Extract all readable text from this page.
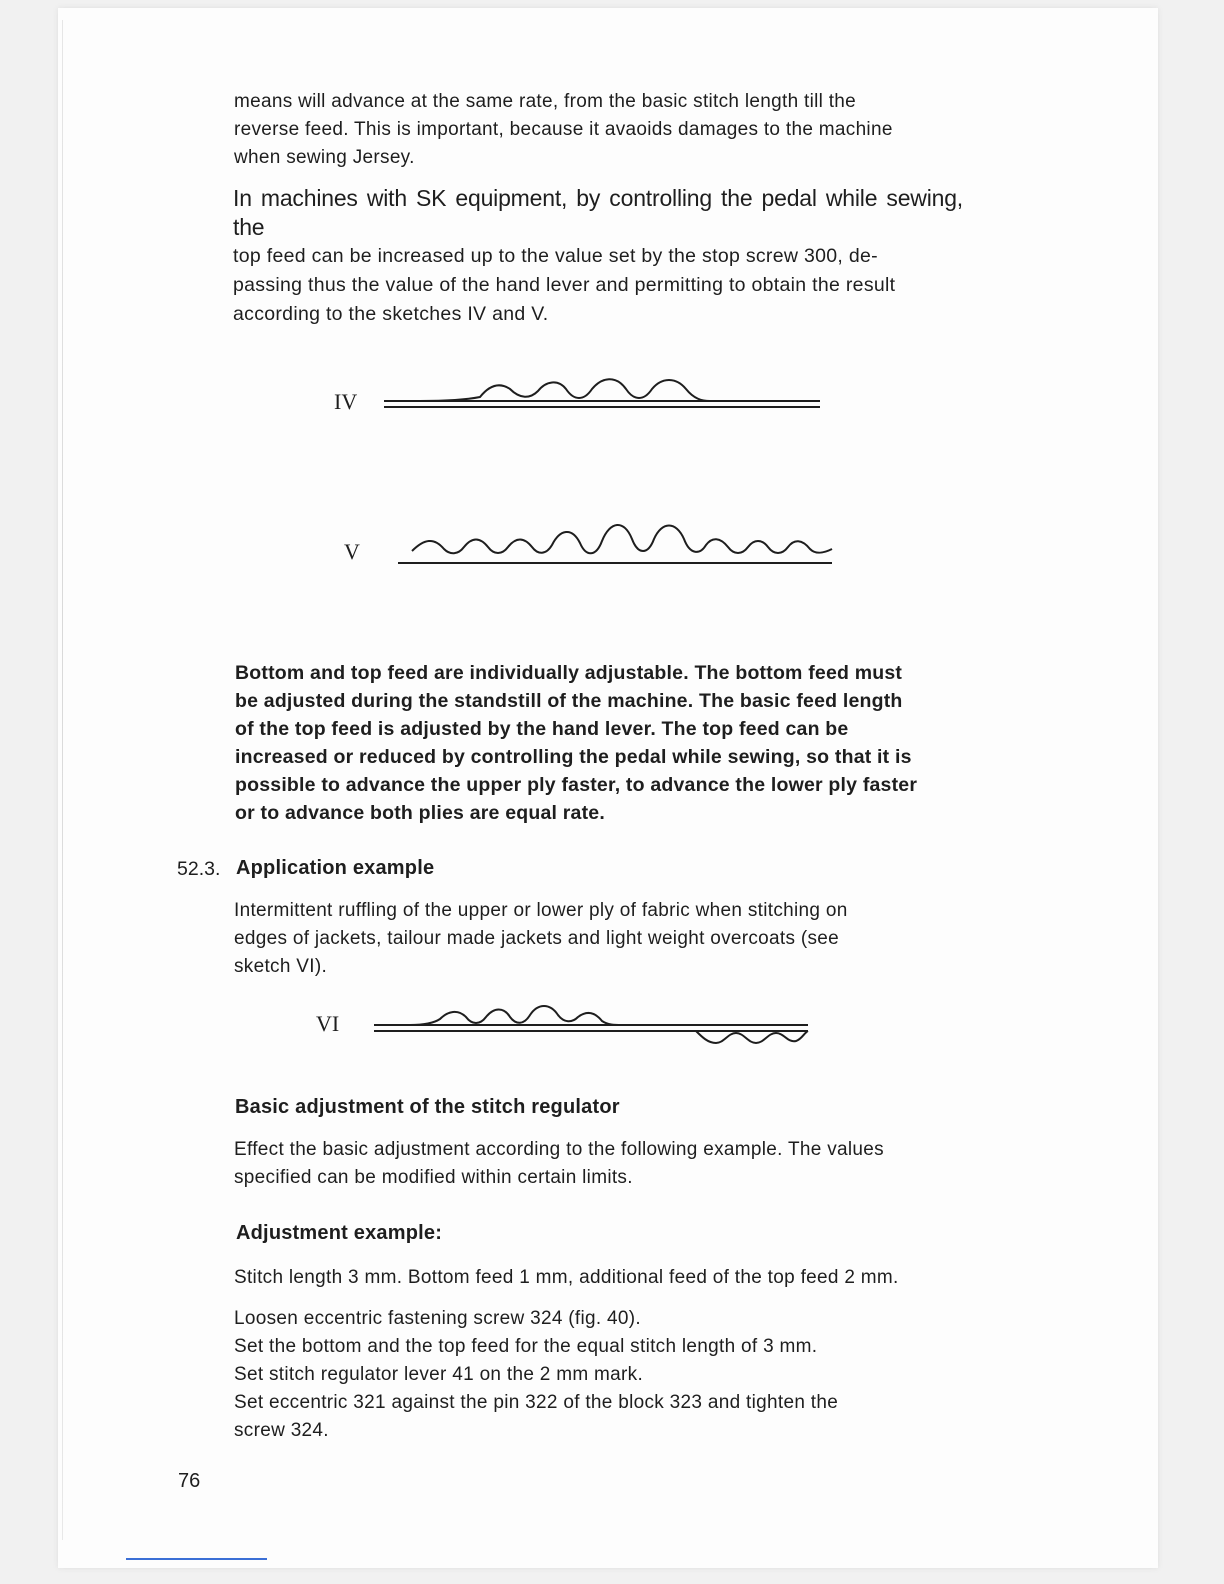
means will advance at the same rate, from the basic stitch length till the
reverse feed. This is important, because it avaoids damages to the machine
when sewing Jersey.
In machines with SK equipment, by controlling the pedal while sewing, the
top feed can be increased up to the value set by the stop screw 300, de-
passing thus the value of the hand lever and permitting to obtain the result
according to the sketches IV and V.
IV
V
Bottom and top feed are individually adjustable. The bottom feed must
be adjusted during the standstill of the machine. The basic feed length
of the top feed is adjusted by the hand lever. The top feed can be
increased or reduced by controlling the pedal while sewing, so that it is
possible to advance the upper ply faster, to advance the lower ply faster
or to advance both plies are equal rate.
52.3. Application example
Intermittent ruffling of the upper or lower ply of fabric when stitching on
edges of jackets, tailour made jackets and light weight overcoats (see
sketch VI).
VI
Basic adjustment of the stitch regulator
Effect the basic adjustment according to the following example. The values
specified can be modified within certain limits.
Adjustment example:
Stitch length 3 mm. Bottom feed 1 mm, additional feed of the top feed 2 mm.
Loosen eccentric fastening screw 324 (fig. 40).
Set the bottom and the top feed for the equal stitch length of 3 mm.
Set stitch regulator lever 41 on the 2 mm mark.
Set eccentric 321 against the pin 322 of the block 323 and tighten the
screw 324.
76
